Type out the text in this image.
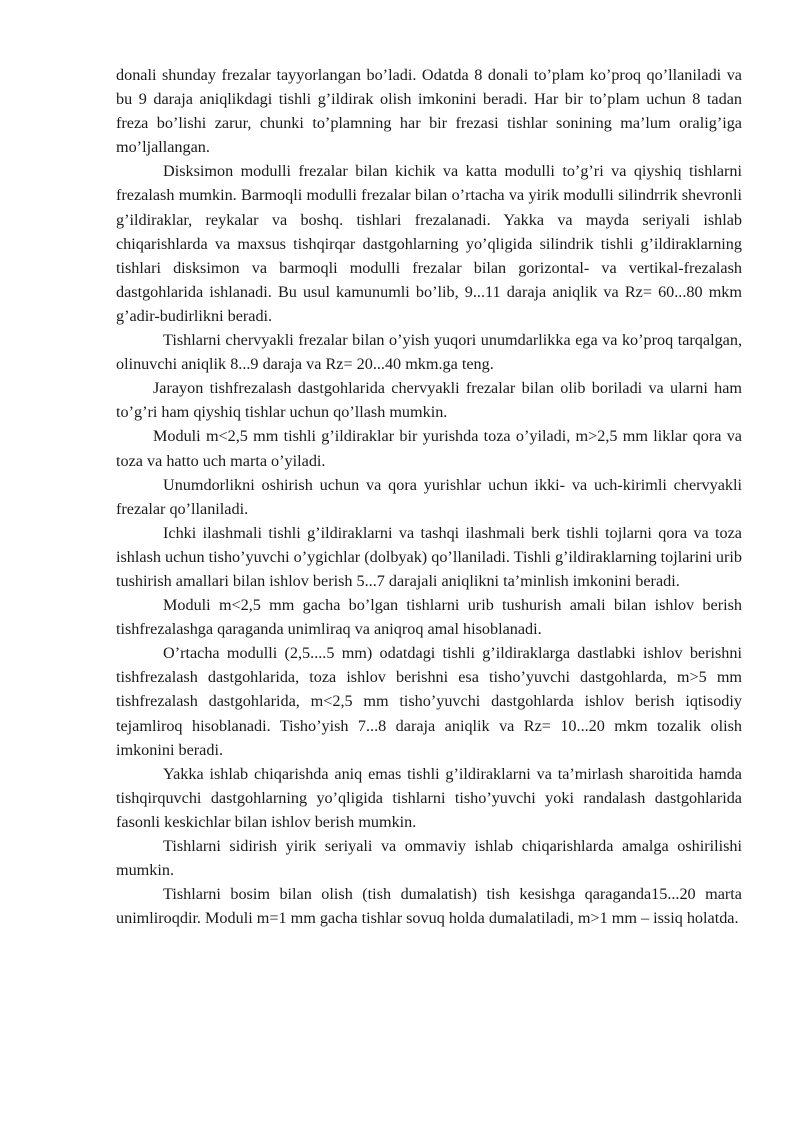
donali shunday frezalar tayyorlangan bo’ladi. Odatda 8 donali to’plam ko’proq qo’llaniladi va bu 9 daraja aniqlikdagi tishli g’ildirak olish imkonini beradi. Har bir to’plam uchun 8 tadan freza bo’lishi zarur, chunki to’plamning har bir frezasi tishlar sonining ma’lum oralig’iga mo’ljallangan.

Disksimon modulli frezalar bilan kichik va katta modulli to’g’ri va qiyshiq tishlarni frezalash mumkin. Barmoqli modulli frezalar bilan o’rtacha va yirik modulli silindrrik shevronli g’ildiraklar, reykalar va boshq. tishlari frezalanadi. Yakka va mayda seriyali ishlab chiqarishlarda va maxsus tishqirqar dastgohlarning yo’qligida silindrik tishli g’ildiraklarning tishlari disksimon va barmoqli modulli frezalar bilan gorizontal- va vertikal-frezalash dastgohlarida ishlanadi. Bu usul kamunumli bo’lib, 9...11 daraja aniqlik va Rz= 60...80 mkm g’adir-budirlikni beradi.

Tishlarni chervyakli frezalar bilan o’yish yuqori unumdarlikka ega va ko’proq tarqalgan, olinuvchi aniqlik 8...9 daraja va Rz= 20...40 mkm.ga teng.

Jarayon tishfrezalash dastgohlarida chervyakli frezalar bilan olib boriladi va ularni ham to’g’ri ham qiyshiq tishlar uchun qo’llash mumkin.

Moduli m<2,5 mm tishli g’ildiraklar bir yurishda toza o’yiladi, m>2,5 mm liklar qora va toza va hatto uch marta o’yiladi.

Unumdorlikni oshirish uchun va qora yurishlar uchun ikki- va uch-kirimli chervyakli frezalar qo’llaniladi.

Ichki ilashmali tishli g’ildiraklarni va tashqi ilashmali berk tishli tojlarni qora va toza ishlash uchun tisho’yuvchi o’ygichlar (dolbyak) qo’llaniladi. Tishli g’ildiraklarning tojlarini urib tushirish amallari bilan ishlov berish 5...7 darajali aniqlikni ta’minlish imkonini beradi.

Moduli m<2,5 mm gacha bo’lgan tishlarni urib tushurish amali bilan ishlov berish tishfrezalashga qaraganda unimliraq va aniqroq amal hisoblanadi.

O’rtacha modulli (2,5....5 mm) odatdagi tishli g’ildiraklarga dastlabki ishlov berishni tishfrezalash dastgohlarida, toza ishlov berishni esa tisho’yuvchi dastgohlarda, m>5 mm tishfrezalash dastgohlarida, m<2,5 mm tisho’yuvchi dastgohlarda ishlov berish iqtisodiy tejamliroq hisoblanadi. Tisho’yish 7...8 daraja aniqlik va Rz= 10...20 mkm tozalik olish imkonini beradi.

Yakka ishlab chiqarishda aniq emas tishli g’ildiraklarni va ta’mirlash sharoitida hamda tishqirquvchi dastgohlarning yo’qligida tishlarni tisho’yuvchi yoki randalash dastgohlarida fasonli keskichlar bilan ishlov berish mumkin.

Tishlarni sidirish yirik seriyali va ommaviy ishlab chiqarishlarda amalga oshirilishi mumkin.

Tishlarni bosim bilan olish (tish dumalatish) tish kesishga qaraganda15...20 marta unimliroqdir. Moduli m=1 mm gacha tishlar sovuq holda dumalatiladi, m>1 mm – issiq holatda.
